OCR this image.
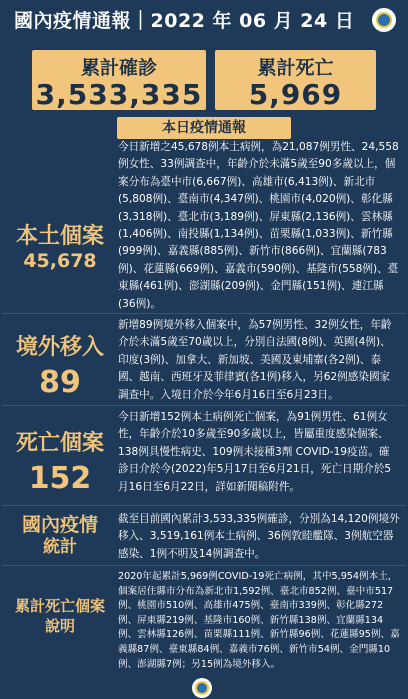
國內疫情通報｜2022 年 06 月 24 日
累計確診
3,533,335
累計死亡
5,969
本日疫情通報
本土個案
45,678
今日新增之45,678例本土病例，為21,087例男性、24,558例女性、33例調查中，年齡介於未滿5歲至90多歲以上，個案分布為臺中市(6,667例)、高雄市(6,413例)、新北市(5,808例)、臺南市(4,347例)、桃園市(4,020例)、彰化縣(3,318例)、臺北市(3,189例)、屏東縣(2,136例)、雲林縣(1,406例)、南投縣(1,134例)、苗栗縣(1,033例)、新竹縣(999例)、嘉義縣(885例)、新竹市(866例)、宜蘭縣(783例)、花蓮縣(669例)、嘉義市(590例)、基隆市(558例)、臺東縣(461例)、澎湖縣(209例)、金門縣(151例)、連江縣(36例)。
境外移入
89
新增89例境外移入個案中，為57例男性、32例女性，年齡介於未滿5歲至70歲以上，分別自法國(8例)、英國(4例)、印度(3例)、加拿大、新加坡、美國及東埔寨(各2例)、泰國、越南、西班牙及菲律賓(各1例)移入，另62例感染國家調查中。入境日介於今年6月16日至6月23日。
死亡個案
152
今日新增152例本土病例死亡個案，為91例男性、61例女性，年齡介於10多歲至90多歲以上，皆屬重度感染個案、138例具慢性病史、109例未接種3劑 COVID-19疫苗。確診日介於今(2022)年5月17日至6月21日，死亡日期介於5月16日至6月22日，詳如新聞稿附件。
國內疫情
統計
截至目前國內累計3,533,335例確診，分別為14,120例境外移入、3,519,161例本土病例、36例敦睦艦隊、3例航空器感染、1例不明及14例調查中。
累計死亡個案
說明
2020年起累計5,969例COVID-19死亡病例，其中5,954例本土，個案居住縣市分布為新北市1,592例、臺北市852例、臺中市517例、桃園市510例、高雄市475例、臺南市339例、彰化縣272例、屏東縣219例、基隆市160例、新竹縣138例、宜蘭縣134例、雲林縣126例、苗栗縣111例、新竹縣96例、花蓮縣95例、嘉義縣87例、臺東縣84例、嘉義市76例、新竹市54例、金門縣10例、澎湖縣7例；另15例為境外移入。
